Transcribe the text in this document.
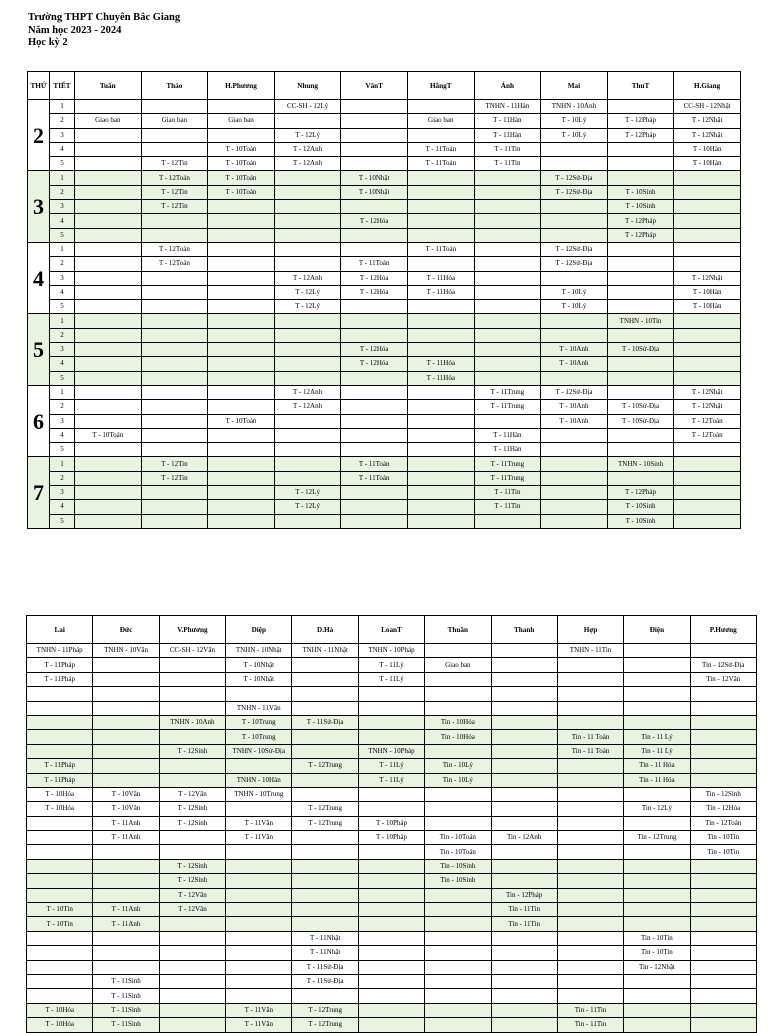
Trường THPT Chuyên Bắc Giang
Năm học 2023 - 2024
Học kỳ 2
THỨ	TIẾT	Tuấn	Thảo	H.Phương	Nhung	VânT	HằngT	Ánh	Mai	ThuT	H.Giang
2	1				CC-SH - 12Lý			TNHN - 11Hàn	TNHN - 10Anh		CC-SH - 12Nhật
	2	Giao ban	Giao ban	Giao ban			Giao ban	T - 11Hàn	T - 10Lý	T - 12Pháp	T - 12Nhật
	3				T - 12Lý			T - 11Hàn	T - 10Lý	T - 12Pháp	T - 12Nhật
	4			T - 10Toán	T - 12Anh		T - 11Toán	T - 11Tin			T - 10Hàn
	5		T - 12Tin	T - 10Toán	T - 12Anh		T - 11Toán	T - 11Tin			T - 10Hàn
3	1		T - 12Toán	T - 10Toán		T - 10Nhật			T - 12Sử-Địa		
	2		T - 12Tin	T - 10Toán		T - 10Nhật			T - 12Sử-Địa	T - 10Sinh	
	3		T - 12Tin							T - 10Sinh	
	4					T - 12Hóa				T - 12Pháp	
	5									T - 12Pháp	
4	1		T - 12Toán				T - 11Toán		T - 12Sử-Địa		
	2		T - 12Toán			T - 11Toán			T - 12Sử-Địa		
	3				T - 12Anh	T - 12Hóa	T - 11Hóa				T - 12Nhật
	4				T - 12Lý	T - 12Hóa	T - 11Hóa		T - 10Lý		T - 10Hàn
	5				T - 12Lý				T - 10Lý		T - 10Hàn
5	1									TNHN - 10Tin	
	2										
	3					T - 12Hóa			T - 10Anh	T - 10Sử-Địa	
	4					T - 12Hóa	T - 11Hóa		T - 10Anh		
	5						T - 11Hóa				
6	1				T - 12Anh			T - 11Trung	T - 12Sử-Địa		T - 12Nhật
	2				T - 12Anh			T - 11Trung	T - 10Anh	T - 10Sử-Địa	T - 12Nhật
	3			T - 10Toán					T - 10Anh	T - 10Sử-Địa	T - 12Toán
	4	T - 10Toán						T - 11Hàn			T - 12Toán
	5							T - 11Hàn			
7	1		T - 12Tin			T - 11Toán		T - 11Trung		TNHN - 10Sinh	
	2		T - 12Tin			T - 11Toán		T - 11Trung			
	3				T - 12Lý			T - 11Tin		T - 12Pháp	
	4				T - 12Lý			T - 11Tin		T - 10Sinh	
	5									T - 10Sinh	
Lai	Đức	V.Phương	Diệp	D.Hà	LoanT	Thuần	Thanh	Hợp	Điện	P.Hương
TNHN - 11Pháp	TNHN - 10Văn	CC-SH - 12Văn	TNHN - 10Nhật	TNHN - 11Nhật	TNHN - 10Pháp			TNHN - 11Tin		
T - 11Pháp			T - 10Nhật		T - 11Lý	Giao ban				Tin - 12Sử-Địa
T - 11Pháp			T - 10Nhật		T - 11Lý					Tin - 12Văn

			TNHN - 11Văn							
		TNHN - 10Anh	T - 10Trung	T - 11Sử-Địa		Tin - 10Hóa				
			T - 10Trung			Tin - 10Hóa		Tin - 11 Toán	Tin - 11 Lý	
		T - 12Sinh	TNHN - 10Sử-Địa		TNHN - 10Pháp			Tin - 11 Toán	Tin - 11 Lý	
T - 11Pháp				T - 12Trung	T - 11Lý	Tin - 10Lý			Tin - 11 Hóa	
T - 11Pháp			TNHN - 10Hàn		T - 11Lý	Tin - 10Lý			Tin - 11 Hóa	
T - 10Hóa	T - 10Văn	T - 12Văn	TNHN - 10Trung							Tin - 12Sinh
T - 10Hóa	T - 10Văn	T - 12Sinh		T - 12Trung					Tin - 12Lý	Tin - 12Hóa
	T - 11Anh	T - 12Sinh	T - 11Văn	T - 12Trung	T - 10Pháp					Tin - 12Toán
	T - 11Anh		T - 11Văn		T - 10Pháp	Tin - 10Toán	Tin - 12Anh		Tin - 12Trung	Tin - 10Tin
						Tin - 10Toán				Tin - 10Tin
		T - 12Sinh				Tin - 10Sinh				
		T - 12Sinh				Tin - 10Sinh				
		T - 12Văn					Tin - 12Pháp			
T - 10Tin	T - 11Anh	T - 12Văn					Tin - 11Tin			
T - 10Tin	T - 11Anh						Tin - 11Tin			
				T - 11Nhật					Tin - 10Tin	
				T - 11Nhật					Tin - 10Tin	
				T - 11Sử-Địa					Tin - 12Nhật	
	T - 11Sinh			T - 11Sử-Địa						
	T - 11Sinh									
T - 10Hóa	T - 11Sinh		T - 11Văn	T - 12Trung				Tin - 11Tin		
T - 10Hóa	T - 11Sinh		T - 11Văn	T - 12Trung				Tin - 11Tin		
